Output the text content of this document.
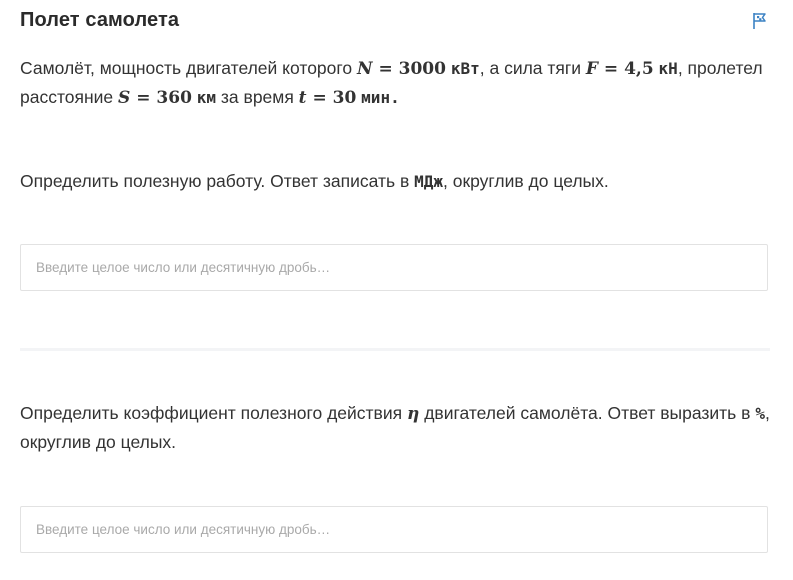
Полет самолета
Самолёт, мощность двигателей которого N = 3000 кВт, а сила тяги F = 4,5 кН, пролетел расстояние S = 360 км за время t = 30 мин.
Определить полезную работу. Ответ записать в МДж, округлив до целых.
Введите целое число или десятичную дробь…
Определить коэффициент полезного действия η двигателей самолёта. Ответ выразить в %, округлив до целых.
Введите целое число или десятичную дробь…
